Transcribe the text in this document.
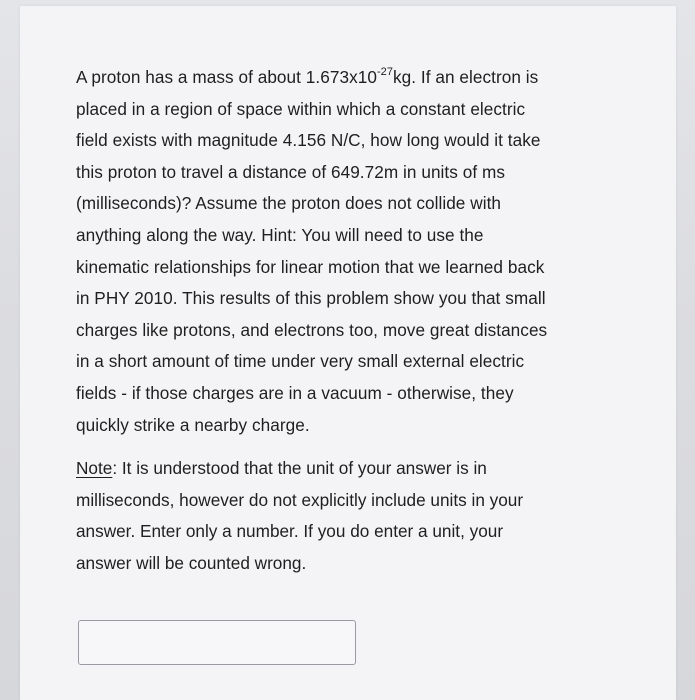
A proton has a mass of about $1.673x10^{-27}kg$. If an electron is
placed in a region of space within which a constant electric
field exists with magnitude 4.156 N/C, how long would it take
this proton to travel a distance of 649.72m in units of ms
(milliseconds)? Assume the proton does not collide with
anything along the way. Hint: You will need to use the
kinematic relationships for linear motion that we learned back
in PHY 2010. This results of this problem show you that small
charges like protons, and electrons too, move great distances
in a short amount of time under very small external electric
fields - if those charges are in a vacuum - otherwise, they
quickly strike a nearby charge.
Note: It is understood that the unit of your answer is in
milliseconds, however do not explicitly include units in your
answer. Enter only a number. If you do enter a unit, your
answer will be counted wrong.
